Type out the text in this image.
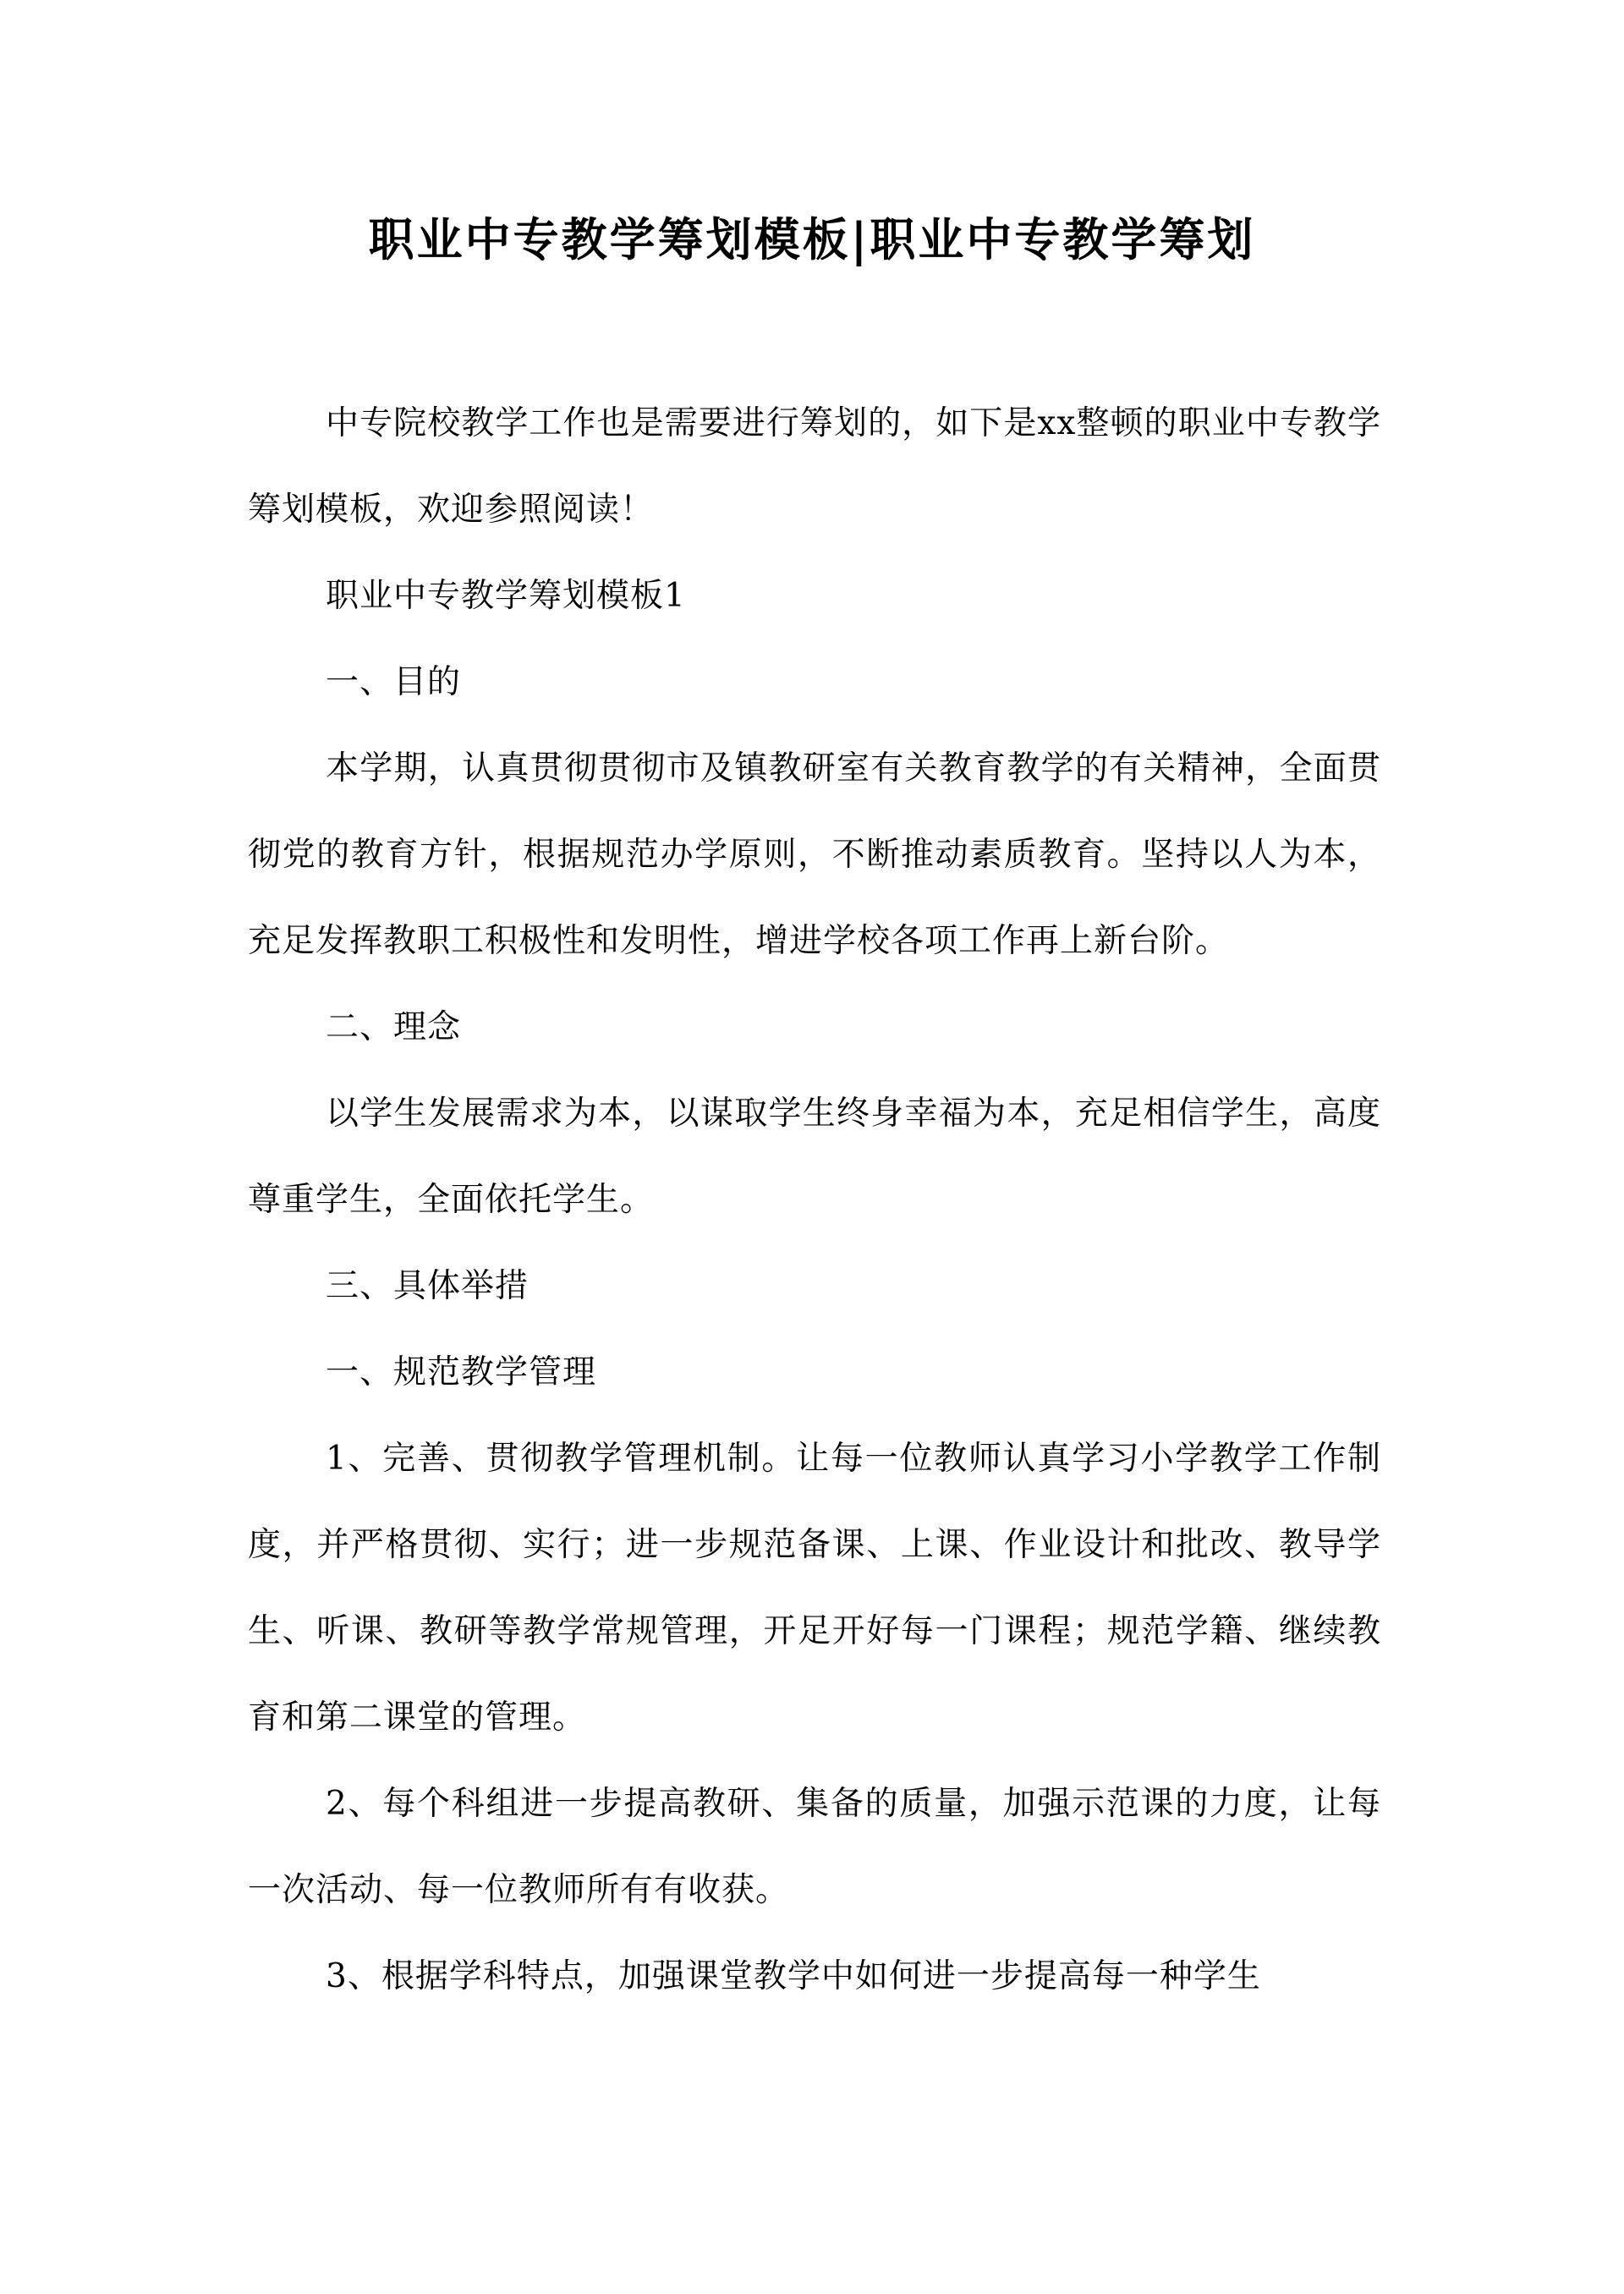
职业中专教学筹划模板|职业中专教学筹划

中专院校教学工作也是需要进行筹划的，如下是xx整顿的职业中专教学筹划模板，欢迎参照阅读！

职业中专教学筹划模板1

一、目的

本学期，认真贯彻贯彻市及镇教研室有关教育教学的有关精神，全面贯彻党的教育方针，根据规范办学原则，不断推动素质教育。坚持以人为本，充足发挥教职工积极性和发明性，增进学校各项工作再上新台阶。

二、理念

以学生发展需求为本，以谋取学生终身幸福为本，充足相信学生，高度尊重学生，全面依托学生。

三、具体举措

一、规范教学管理

1、完善、贯彻教学管理机制。让每一位教师认真学习小学教学工作制度，并严格贯彻、实行；进一步规范备课、上课、作业设计和批改、教导学生、听课、教研等教学常规管理，开足开好每一门课程；规范学籍、继续教育和第二课堂的管理。

2、每个科组进一步提高教研、集备的质量，加强示范课的力度，让每一次活动、每一位教师所有有收获。

3、根据学科特点，加强课堂教学中如何进一步提高每一种学生
